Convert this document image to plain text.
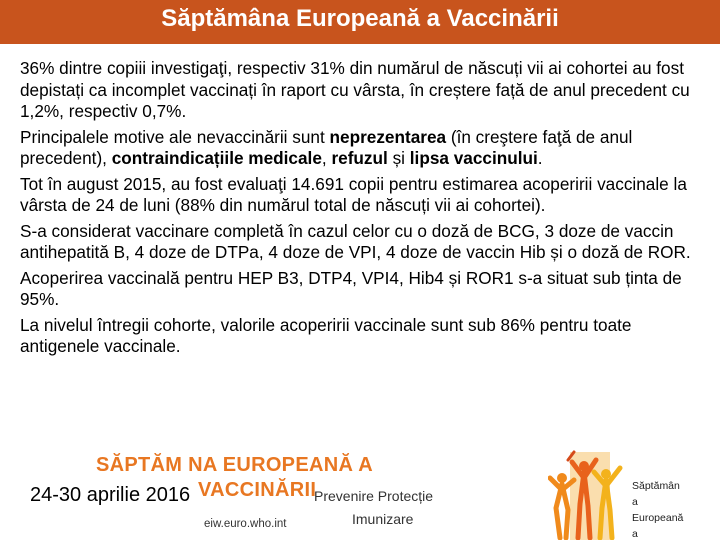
Săptămâna Europeană a Vaccinării

36% dintre copiii investigaţi, respectiv 31% din numărul de născuți vii ai cohortei au fost depistați ca incomplet vaccinați în raport cu vârsta, în creștere față de anul precedent cu 1,2%, respectiv 0,7%.

Principalele motive ale nevaccinării sunt neprezentarea (în creştere faţă de anul precedent), contraindicațiile medicale, refuzul și lipsa vaccinului.

Tot în august 2015, au fost evaluaţi 14.691 copii pentru estimarea acoperirii vaccinale la vârsta de 24 de luni (88% din numărul total de născuți vii ai cohortei).

S-a considerat vaccinare completă în cazul celor cu o doză de BCG, 3 doze de vaccin antihepatită B, 4 doze de DTPa, 4 doze de VPI, 4 doze de vaccin Hib și o doză de ROR.

Acoperirea vaccinală pentru HEP B3, DTP4, VPI4, Hib4 și ROR1 s-a situat sub ținta de 95%.

La nivelul întregii cohorte, valorile acoperirii vaccinale sunt sub 86% pentru toate antigenele vaccinale.

SĂPTĂM NA EUROPEANĂ A
VACCINĂRII
24-30 aprilie 2016	Prevenire Protecție
Imunizare
eiw.euro.who.int
Săptămân
a
Europeană
a
